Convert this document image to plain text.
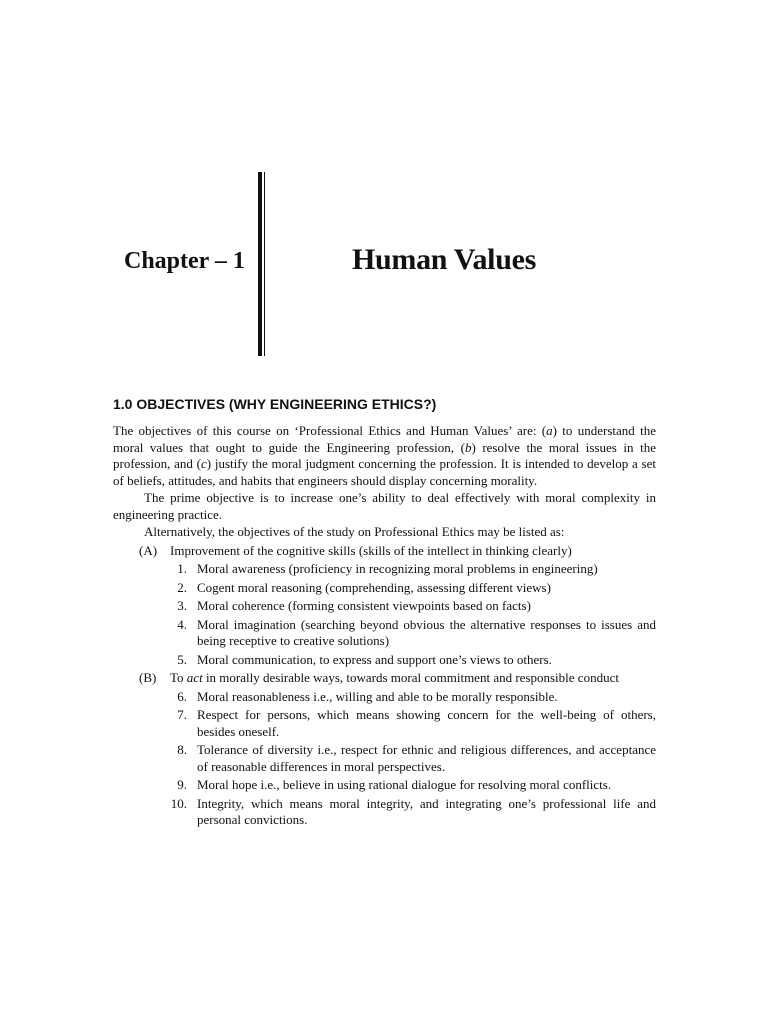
Chapter – 1	Human Values
1.0 OBJECTIVES (WHY ENGINEERING ETHICS?)

The objectives of this course on ‘Professional Ethics and Human Values’ are: (a) to understand the moral values that ought to guide the Engineering profession, (b) resolve the moral issues in the profession, and (c) justify the moral judgment concerning the profession. It is intended to develop a set of beliefs, attitudes, and habits that engineers should display concerning morality.

The prime objective is to increase one’s ability to deal effectively with moral complexity in engineering practice.

Alternatively, the objectives of the study on Professional Ethics may be listed as:

(A) Improvement of the cognitive skills (skills of the intellect in thinking clearly)
1. Moral awareness (proficiency in recognizing moral problems in engineering)
2. Cogent moral reasoning (comprehending, assessing different views)
3. Moral coherence (forming consistent viewpoints based on facts)
4. Moral imagination (searching beyond obvious the alternative responses to issues and being receptive to creative solutions)
5. Moral communication, to express and support one’s views to others.
(B) To act in morally desirable ways, towards moral commitment and responsible conduct
6. Moral reasonableness i.e., willing and able to be morally responsible.
7. Respect for persons, which means showing concern for the well-being of others, besides oneself.
8. Tolerance of diversity i.e., respect for ethnic and religious differences, and acceptance of reasonable differences in moral perspectives.
9. Moral hope i.e., believe in using rational dialogue for resolving moral conflicts.
10. Integrity, which means moral integrity, and integrating one’s professional life and personal convictions.
